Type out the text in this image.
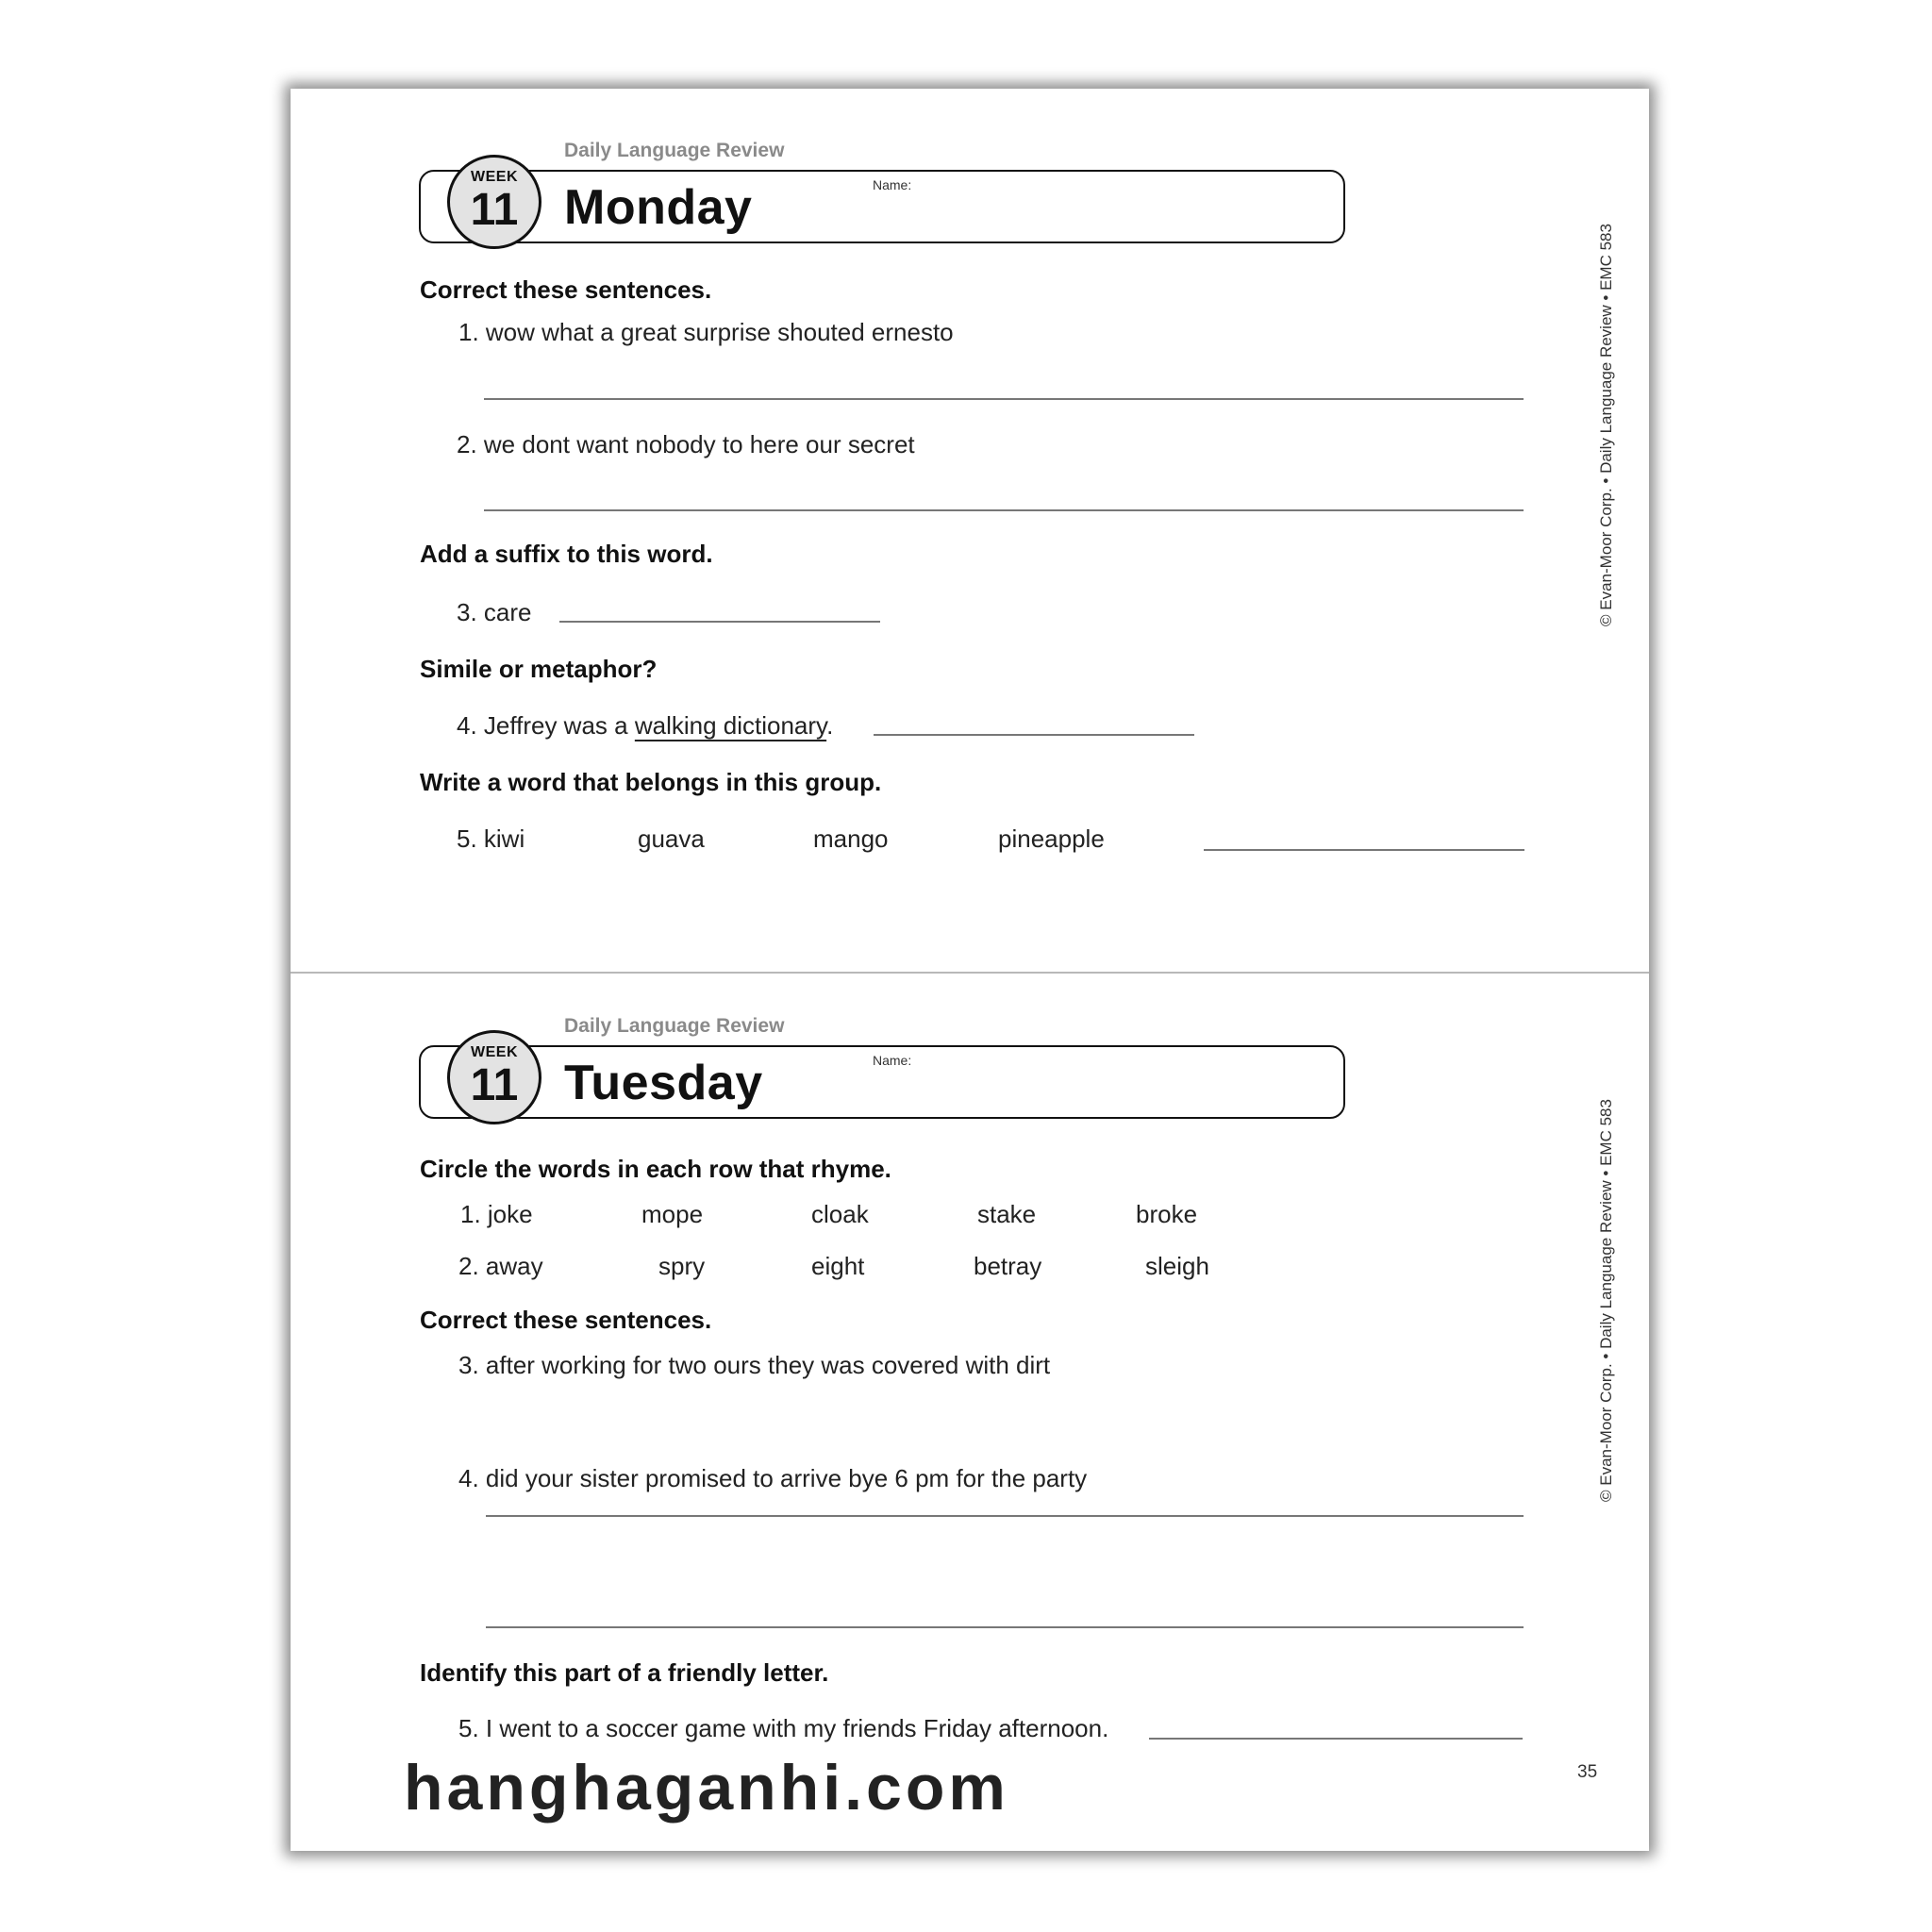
Daily Language Review
WEEK
11 Monday	Name:
Correct these sentences.
1. wow what a great surprise shouted ernesto
2. we dont want nobody to here our secret
Add a suffix to this word.
3. care
Simile or metaphor?
4. Jeffrey was a walking dictionary.
Write a word that belongs in this group.
5. kiwi	guava	mango	pineapple
© Evan-Moor Corp. • Daily Language Review • EMC 583
Daily Language Review
WEEK
11 Tuesday	Name:
Circle the words in each row that rhyme.
1. joke	mope	cloak	stake	broke
2. away	spry	eight	betray	sleigh
Correct these sentences.
3. after working for two ours they was covered with dirt
4. did your sister promised to arrive bye 6 pm for the party
Identify this part of a friendly letter.
5. I went to a soccer game with my friends Friday afternoon.
© Evan-Moor Corp. • Daily Language Review • EMC 583
35
hanghaganhi.com
